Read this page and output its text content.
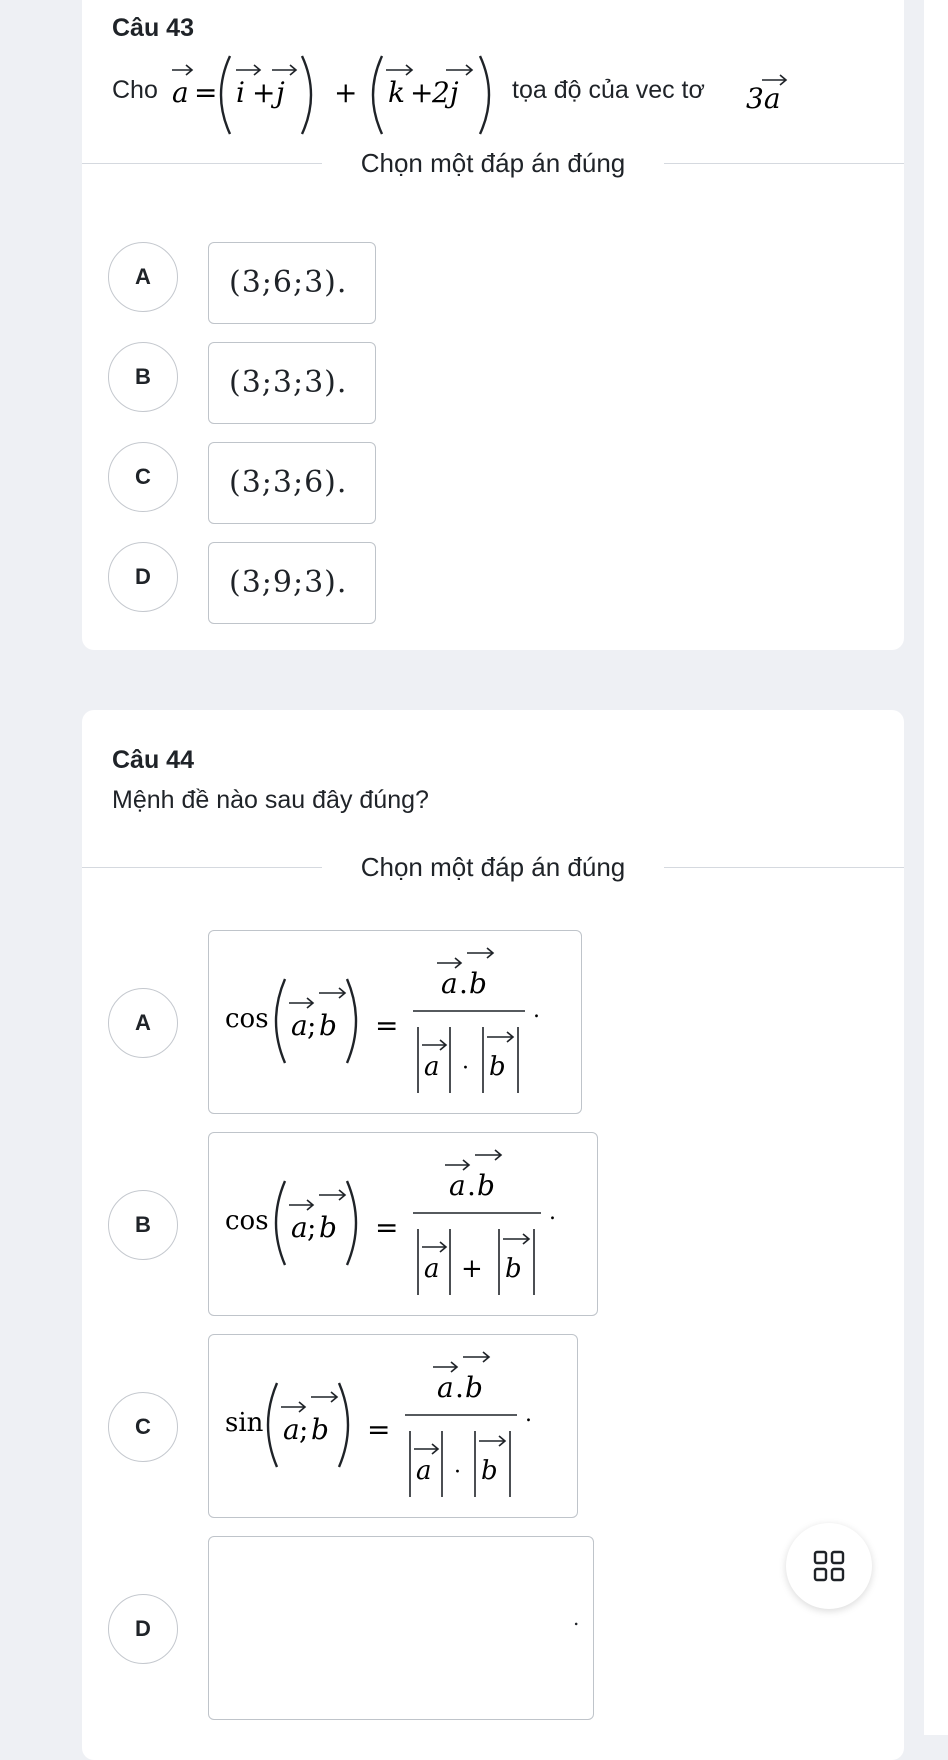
Câu 43
Cho a = i + j + k +
2j tọa độ của vec tơ 3a
Chọn một đáp án đúng
A	(3;6;3).
B	(3;3;3).
C	(3;3;6).
D	(3;9;3).
Câu 44
Mệnh đề nào sau đây đúng?
Chọn một đáp án đúng
A	cos a ; b =
a . b
a · b
.
B	cos a ; b =
a . b
a + b
.
C	sin a ; b =
a . b
a · b
.
D	.
